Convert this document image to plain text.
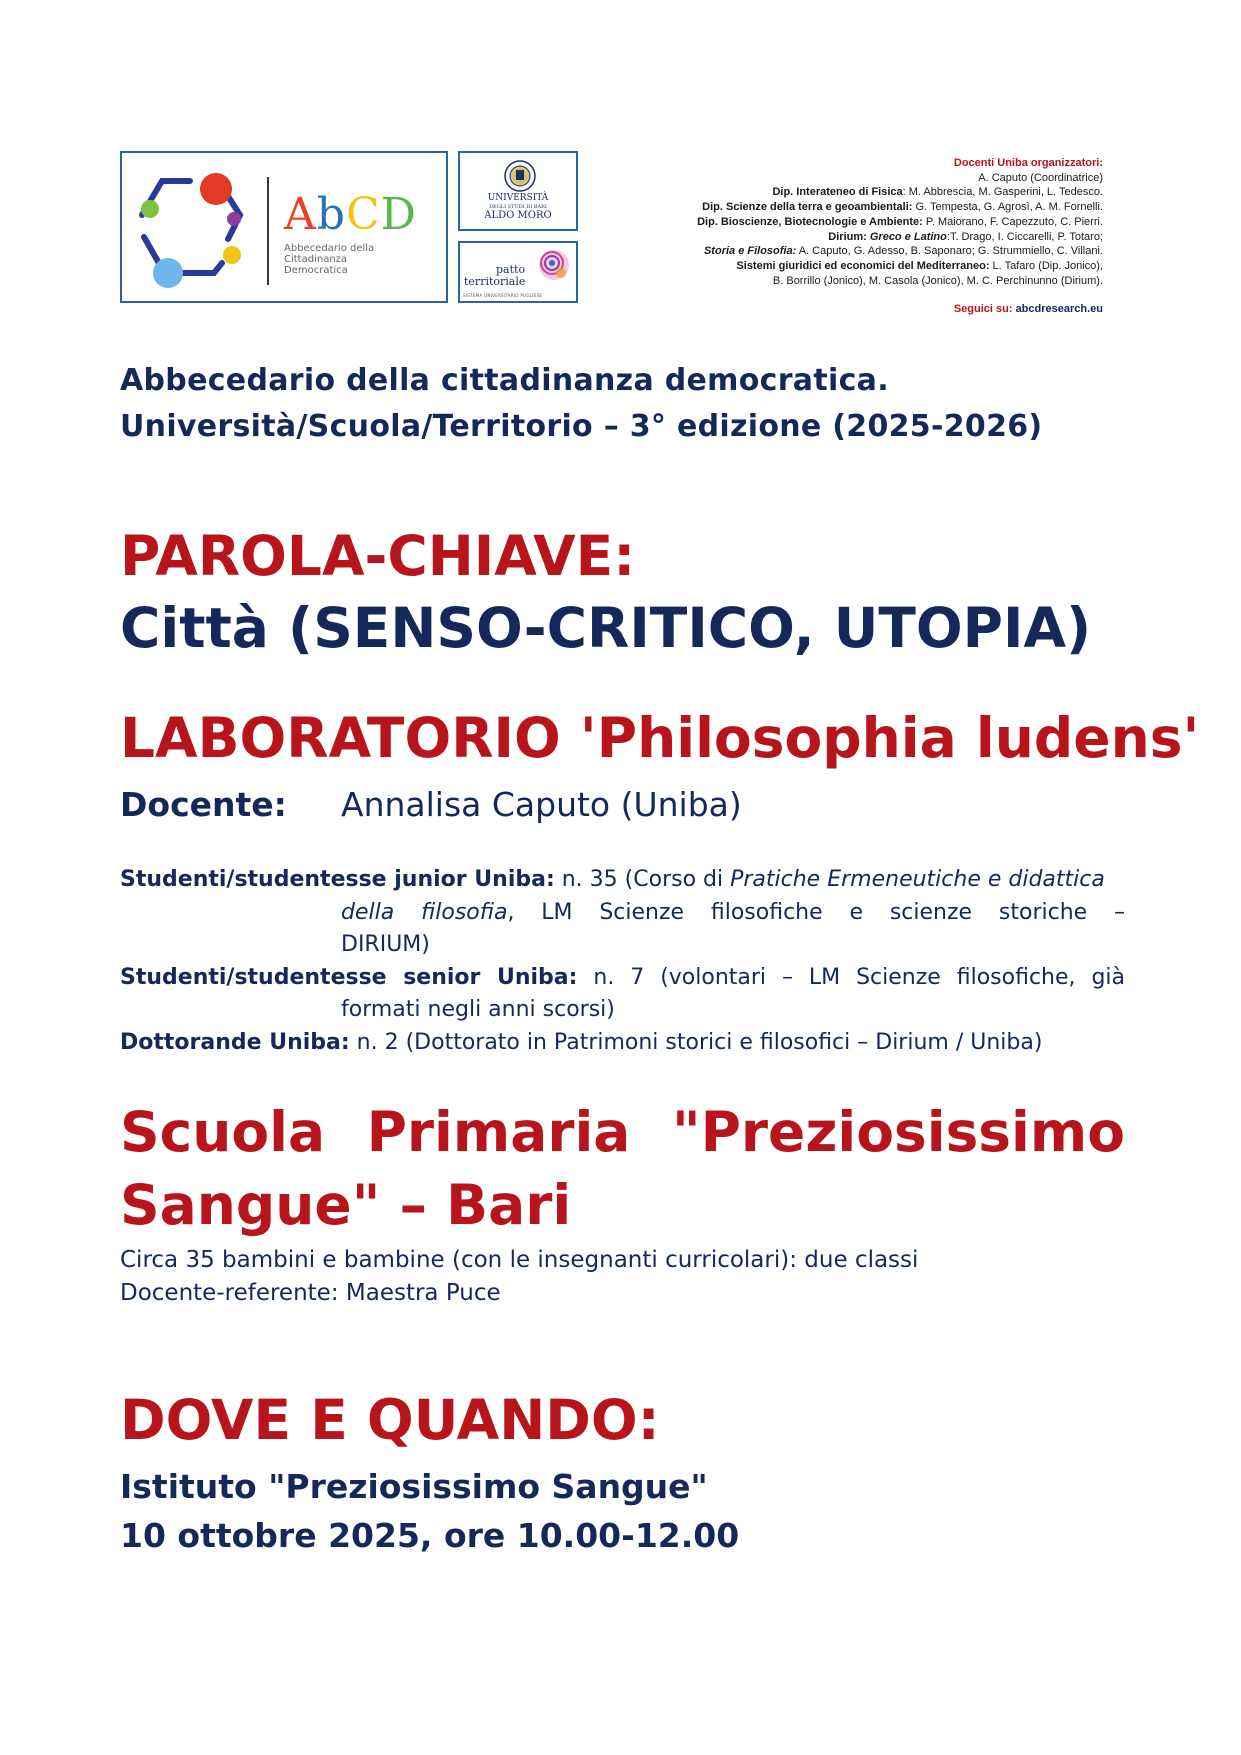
AbCD
Abbecedario della
Cittadinanza
Democratica
UNIVERSITÀ
DEGLI STUDI DI BARI
ALDO MORO
patto
territoriale
SISTEMA UNIVERSITARIO PUGLIESE
Docenti Uniba organizzatori:
A. Caputo (Coordinatrice)
Dip. Interateneo di Fisica: M. Abbrescia, M. Gasperini, L. Tedesco.
Dip. Scienze della terra e geoambientali: G. Tempesta, G. Agrosì, A. M. Fornelli.
Dip. Bioscienze, Biotecnologie e Ambiente: P. Maiorano, F. Capezzuto, C. Pierri.
Dirium: Greco e Latino:T. Drago, I. Ciccarelli, P. Totaro;
Storia e Filosofia: A. Caputo, G. Adesso, B. Saponaro; G. Strummiello, C. Villani.
Sistemi giuridici ed economici del Mediterraneo: L. Tafaro (Dip. Jonico),
B. Borrillo (Jonico), M. Casola (Jonico), M. C. Perchinunno (Dirium).
Seguici su: abcdresearch.eu
Abbecedario della cittadinanza democratica.
Università/Scuola/Territorio – 3° edizione (2025-2026)
PAROLA-CHIAVE:
Città (SENSO-CRITICO, UTOPIA)
LABORATORIO 'Philosophia ludens'
Docente: Annalisa Caputo (Uniba)
Studenti/studentesse junior Uniba: n. 35 (Corso di Pratiche Ermeneutiche e didattica
della filosofia, LM Scienze filosofiche e scienze storiche –
DIRIUM)
Studenti/studentesse senior Uniba: n. 7 (volontari – LM Scienze filosofiche, già
formati negli anni scorsi)
Dottorande Uniba: n. 2 (Dottorato in Patrimoni storici e filosofici – Dirium / Uniba)
Scuola Primaria "Preziosissimo
Sangue" – Bari
Circa 35 bambini e bambine (con le insegnanti curricolari): due classi
Docente-referente: Maestra Puce
DOVE E QUANDO:
Istituto "Preziosissimo Sangue"
10 ottobre 2025, ore 10.00-12.00
